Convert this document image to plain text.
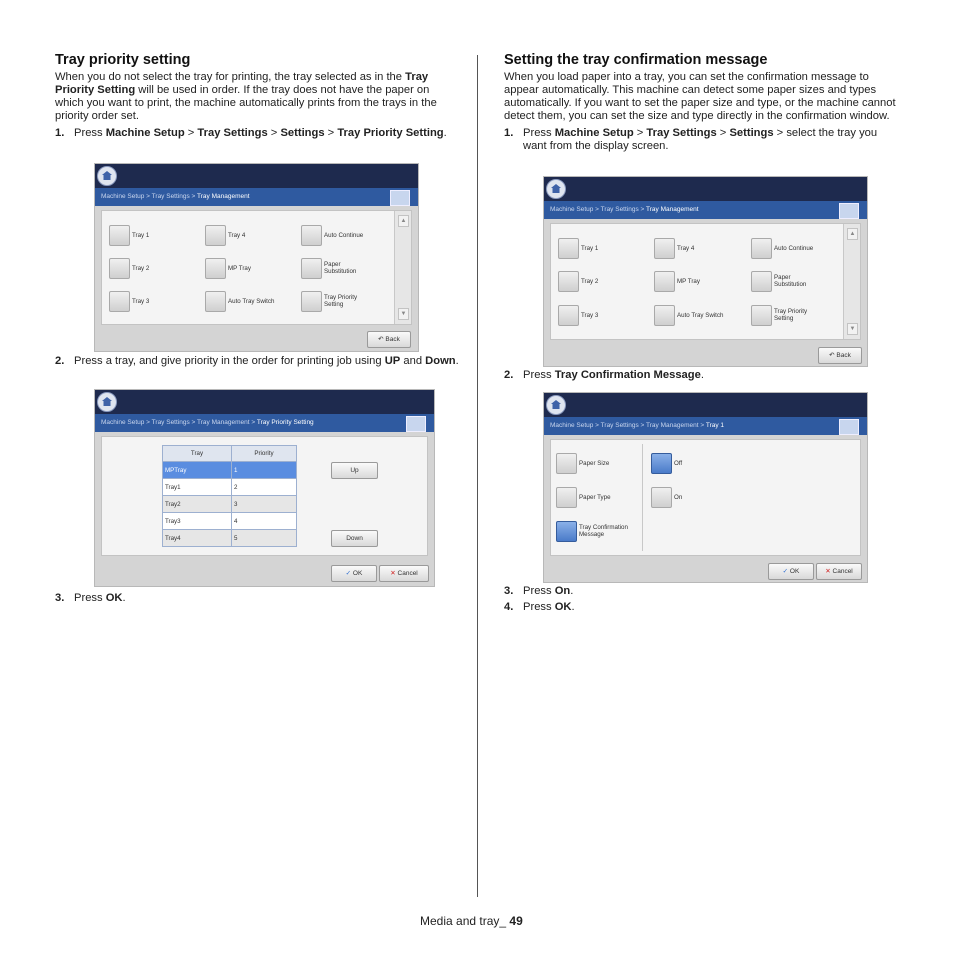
Tray priority setting

When you do not select the tray for printing, the tray selected as in the Tray Priority Setting will be used in order. If the tray does not have the paper on which you want to print, the machine automatically prints from the trays in the priority order set.

1. Press Machine Setup > Tray Settings > Settings > Tray Priority Setting.

2. Press a tray, and give priority in the order for printing job using UP and Down.

3. Press OK.

Machine Setup > Tray Settings > Tray Management
Tray 1
Tray 2
Tray 3
Tray 4
MP Tray
Auto Tray Switch
Auto Continue
Paper Substitution
Tray Priority Setting
▲
▼
↶ Back
Machine Setup > Tray Settings > Tray Management > Tray Priority Setting
Tray	Priority
MPTray	1
Tray1	2
Tray2	3
Tray3	4
Tray4	5
Up
Down
✓ OK	✕ Cancel
Setting the tray confirmation message

When you load paper into a tray, you can set the confirmation message to appear automatically. This machine can detect some paper sizes and types automatically. If you want to set the paper size and type, or the machine cannot detect them, you can set the size and type directly in the confirmation window.

1. Press Machine Setup > Tray Settings > Settings > select the tray you want from the display screen.

2. Press Tray Confirmation Message.

3. Press On.

4. Press OK.

Machine Setup > Tray Settings > Tray Management
Tray 1
Tray 2
Tray 3
Tray 4
MP Tray
Auto Tray Switch
Auto Continue
Paper Substitution
Tray Priority Setting
▲
▼
↶ Back
Machine Setup > Tray Settings > Tray Management > Tray 1
Paper Size
Paper Type
Tray Confirmation Message
Off
On
✓ OK	✕ Cancel
Media and tray_ 49
